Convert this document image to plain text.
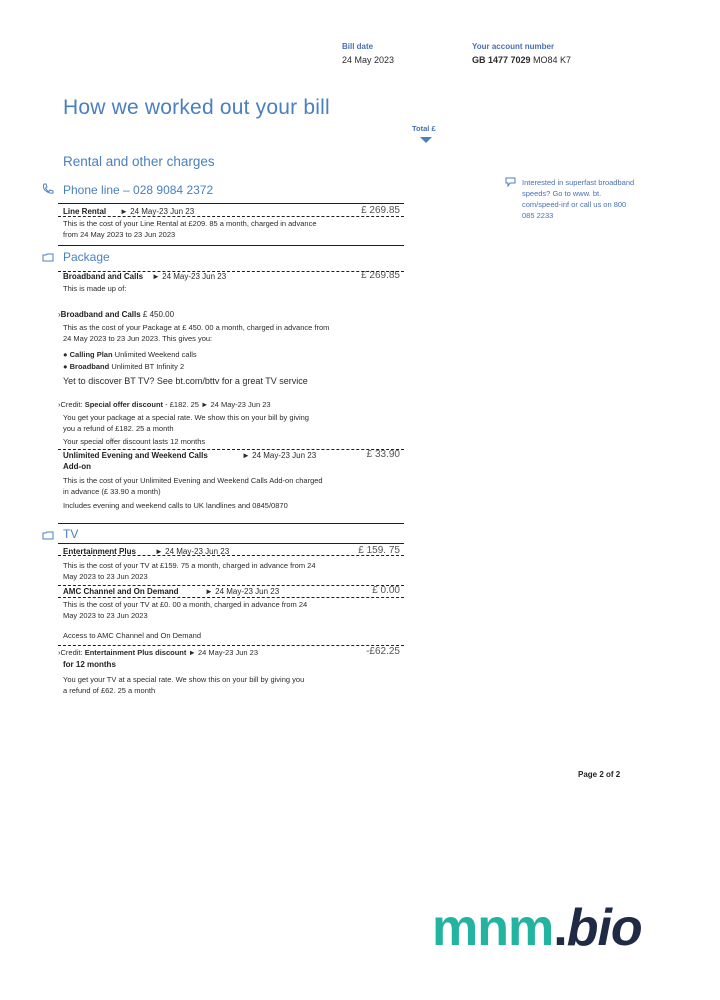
Bill date
24 May 2023
Your account number
GB 1477 7029 MO84 K7
How we worked out your bill
Total £
Rental and other charges
Interested in superfast broadband speeds? Go to www. bt. com/speed-inf or call us on 800 085 2233
Phone line – 028 9084 2372
Line Rental ► 24 May-23 Jun 23	£ 269.85
This is the cost of your Line Rental at £209. 85 a month, charged in advance
from 24 May 2023 to 23 Jun 2023
Package
Broadband and Calls ► 24 May-23 Jun 23	£ 269.85
This is made up of:
›Broadband and Calls £ 450.00
This as the cost of your Package at £ 450. 00 a month, charged in advance from
24 May 2023 to 23 Jun 2023. This gives you:
● Calling Plan Unlimited Weekend calls
● Broadband Unlimited BT Infinity 2
Yet to discover BT TV? See bt.com/bttv for a great TV service
›Credit: Special offer discount - £182. 25 ► 24 May-23 Jun 23
You get your package at a special rate. We show this on your bill by giving
you a refund of £182. 25 a month
Your special offer discount lasts 12 months
Unlimited Evening and Weekend Calls	► 24 May-23 Jun 23	£ 33.90
Add-on
This is the cost of your Unlimited Evening and Weekend Calls Add-on charged
in advance (£ 33.90 a month)
Includes evening and weekend calls to UK landlines and 0845/0870
TV
Entertainment Plus ► 24 May-23 Jun 23	£ 159. 75
This is the cost of your TV at £159. 75 a month, charged in advance from 24
May 2023 to 23 Jun 2023
AMC Channel and On Demand	► 24 May-23 Jun 23	£ 0.00
This is the cost of your TV at £0. 00 a month, charged in advance from 24
May 2023 to 23 Jun 2023
Access to AMC Channel and On Demand
›Credit: Entertainment Plus discount ► 24 May-23 Jun 23	-£62.25
for 12 months
You get your TV at a special rate. We show this on your bill by giving you
a refund of £62. 25 a month
Page 2 of 2
mnm.bio
